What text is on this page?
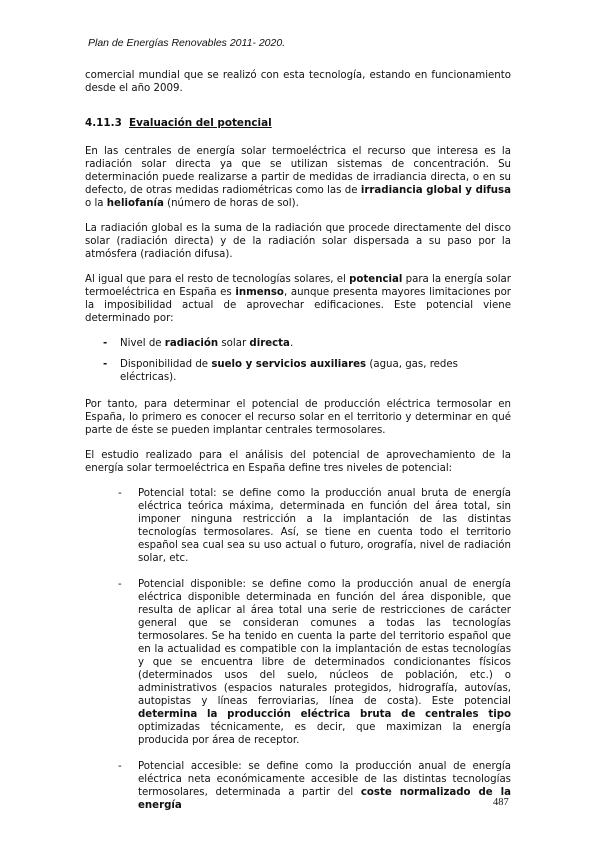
Plan de Energías Renovables 2011- 2020.

comercial mundial que se realizó con esta tecnología, estando en funcionamiento desde el año 2009.

4.11.3 Evaluación del potencial

En las centrales de energía solar termoeléctrica el recurso que interesa es la radiación solar directa ya que se utilizan sistemas de concentración. Su determinación puede realizarse a partir de medidas de irradiancia directa, o en su defecto, de otras medidas radiométricas como las de irradiancia global y difusa o la heliofanía (número de horas de sol).

La radiación global es la suma de la radiación que procede directamente del disco solar (radiación directa) y de la radiación solar dispersada a su paso por la atmósfera (radiación difusa).

Al igual que para el resto de tecnologías solares, el potencial para la energía solar termoeléctrica en España es inmenso, aunque presenta mayores limitaciones por la imposibilidad actual de aprovechar edificaciones. Este potencial viene determinado por:

- Nivel de radiación solar directa.
- Disponibilidad de suelo y servicios auxiliares (agua, gas, redes eléctricas).

Por tanto, para determinar el potencial de producción eléctrica termosolar en España, lo primero es conocer el recurso solar en el territorio y determinar en qué parte de éste se pueden implantar centrales termosolares.

El estudio realizado para el análisis del potencial de aprovechamiento de la energía solar termoeléctrica en España define tres niveles de potencial:

- Potencial total: se define como la producción anual bruta de energía eléctrica teórica máxima, determinada en función del área total, sin imponer ninguna restricción a la implantación de las distintas tecnologías termosolares. Así, se tiene en cuenta todo el territorio español sea cual sea su uso actual o futuro, orografía, nivel de radiación solar, etc.
- Potencial disponible: se define como la producción anual de energía eléctrica disponible determinada en función del área disponible, que resulta de aplicar al área total una serie de restricciones de carácter general que se consideran comunes a todas las tecnologías termosolares. Se ha tenido en cuenta la parte del territorio español que en la actualidad es compatible con la implantación de estas tecnologías y que se encuentra libre de determinados condicionantes físicos (determinados usos del suelo, núcleos de población, etc.) o administrativos (espacios naturales protegidos, hidrografía, autovías, autopistas y líneas ferroviarias, línea de costa). Este potencial determina la producción eléctrica bruta de centrales tipo optimizadas técnicamente, es decir, que maximizan la energía producida por área de receptor.
- Potencial accesible: se define como la producción anual de energía eléctrica neta económicamente accesible de las distintas tecnologías termosolares, determinada a partir del coste normalizado de la energía	487
